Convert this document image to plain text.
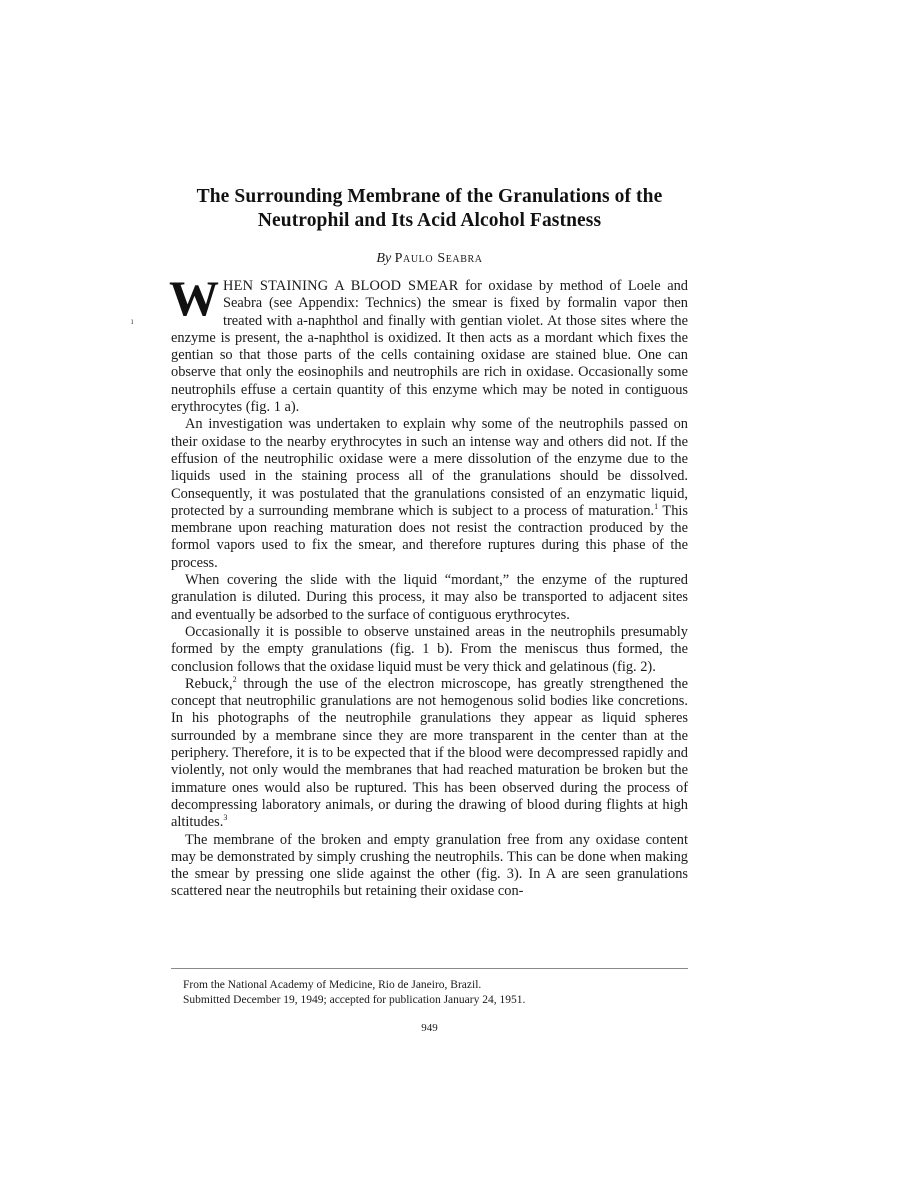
ı
The Surrounding Membrane of the Granulations of the
Neutrophil and Its Acid Alcohol Fastness
By Paulo Seabra

WHEN STAINING A BLOOD SMEAR for oxidase by method of Loele and Seabra (see Appendix: Technics) the smear is fixed by formalin vapor then treated with a-naphthol and finally with gentian violet. At those sites where the enzyme is present, the a-naphthol is oxidized. It then acts as a mordant which fixes the gentian so that those parts of the cells containing oxidase are stained blue. One can observe that only the eosinophils and neutrophils are rich in oxidase. Occasionally some neutrophils effuse a certain quantity of this enzyme which may be noted in contiguous erythrocytes (fig. 1 a).

An investigation was undertaken to explain why some of the neutrophils passed on their oxidase to the nearby erythrocytes in such an intense way and others did not. If the effusion of the neutrophilic oxidase were a mere dissolution of the enzyme due to the liquids used in the staining process all of the granulations should be dissolved. Consequently, it was postulated that the granulations consisted of an enzymatic liquid, protected by a surrounding membrane which is subject to a process of maturation.$^1$ This membrane upon reaching maturation does not resist the contraction produced by the formol vapors used to fix the smear, and therefore ruptures during this phase of the process.

When covering the slide with the liquid “mordant,” the enzyme of the ruptured granulation is diluted. During this process, it may also be transported to adjacent sites and eventually be adsorbed to the surface of contiguous erythrocytes.

Occasionally it is possible to observe unstained areas in the neutrophils presumably formed by the empty granulations (fig. 1 b). From the meniscus thus formed, the conclusion follows that the oxidase liquid must be very thick and gelatinous (fig. 2).

Rebuck,$^2$ through the use of the electron microscope, has greatly strengthened the concept that neutrophilic granulations are not hemogenous solid bodies like concretions. In his photographs of the neutrophile granulations they appear as liquid spheres surrounded by a membrane since they are more transparent in the center than at the periphery. Therefore, it is to be expected that if the blood were decompressed rapidly and violently, not only would the membranes that had reached maturation be broken but the immature ones would also be ruptured. This has been observed during the process of decompressing laboratory animals, or during the drawing of blood during flights at high altitudes.$^3$

The membrane of the broken and empty granulation free from any oxidase content may be demonstrated by simply crushing the neutrophils. This can be done when making the smear by pressing one slide against the other (fig. 3). In A are seen granulations scattered near the neutrophils but retaining their oxidase con-

From the National Academy of Medicine, Rio de Janeiro, Brazil.
Submitted December 19, 1949; accepted for publication January 24, 1951.
949
